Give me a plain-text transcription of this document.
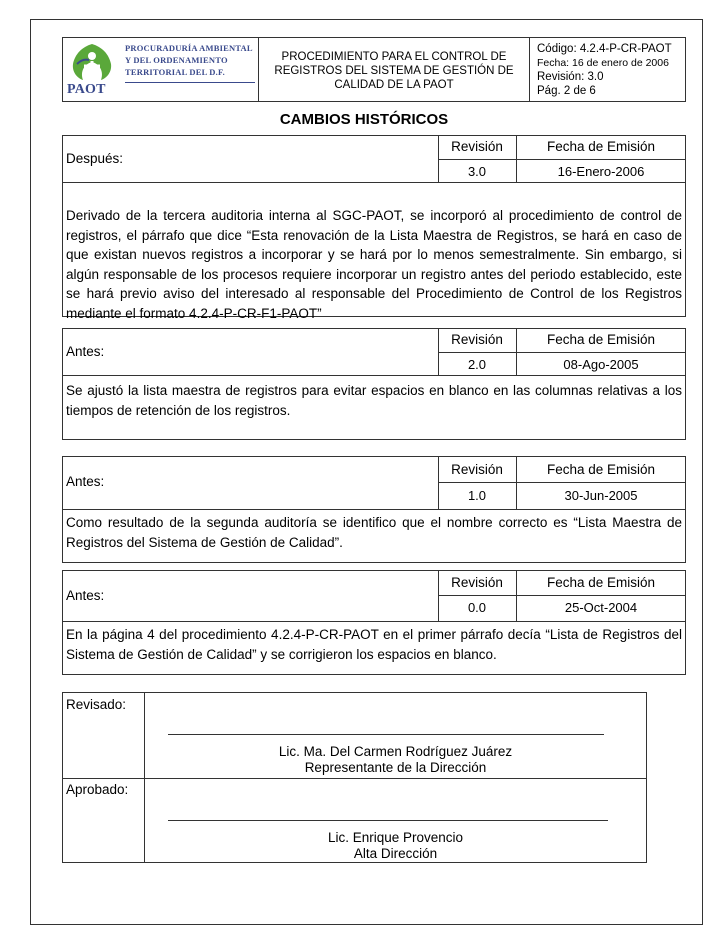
PAOT
PROCURADURÍA AMBIENTAL
Y DEL ORDENAMIENTO
TERRITORIAL DEL D.F.
PROCEDIMIENTO PARA EL CONTROL DE
REGISTROS DEL SISTEMA DE GESTIÓN DE
CALIDAD DE LA PAOT
Código: 4.2.4-P-CR-PAOT
Fecha: 16 de enero de 2006
Revisión: 3.0
Pág. 2 de 6
CAMBIOS HISTÓRICOS
Después:
Revisión	Fecha de Emisión
3.0	16-Enero-2006
Derivado de la tercera auditoria interna al SGC-PAOT, se incorporó al procedimiento de control de registros, el párrafo que dice “Esta renovación de la Lista Maestra de Registros, se hará en caso de que existan nuevos registros a incorporar y se hará por lo menos semestralmente. Sin embargo, si algún responsable de los procesos requiere incorporar un registro antes del periodo establecido, este se hará previo aviso del interesado al responsable del Procedimiento de Control de los Registros mediante el formato 4.2.4-P-CR-F1-PAOT”
Antes:
Revisión	Fecha de Emisión
2.0	08-Ago-2005
Se ajustó la lista maestra de registros para evitar espacios en blanco en las columnas relativas a los tiempos de retención de los registros.
Antes:
Revisión	Fecha de Emisión
1.0	30-Jun-2005
Como resultado de la segunda auditoría se identifico que el nombre correcto es “Lista Maestra de Registros del Sistema de Gestión de Calidad”.
Antes:
Revisión	Fecha de Emisión
0.0	25-Oct-2004
En la página 4 del procedimiento 4.2.4-P-CR-PAOT en el primer párrafo decía “Lista de Registros del Sistema de Gestión de Calidad” y se corrigieron los espacios en blanco.
Revisado:
Lic. Ma. Del Carmen Rodríguez Juárez
Representante de la Dirección
Aprobado:
Lic. Enrique Provencio
Alta Dirección
